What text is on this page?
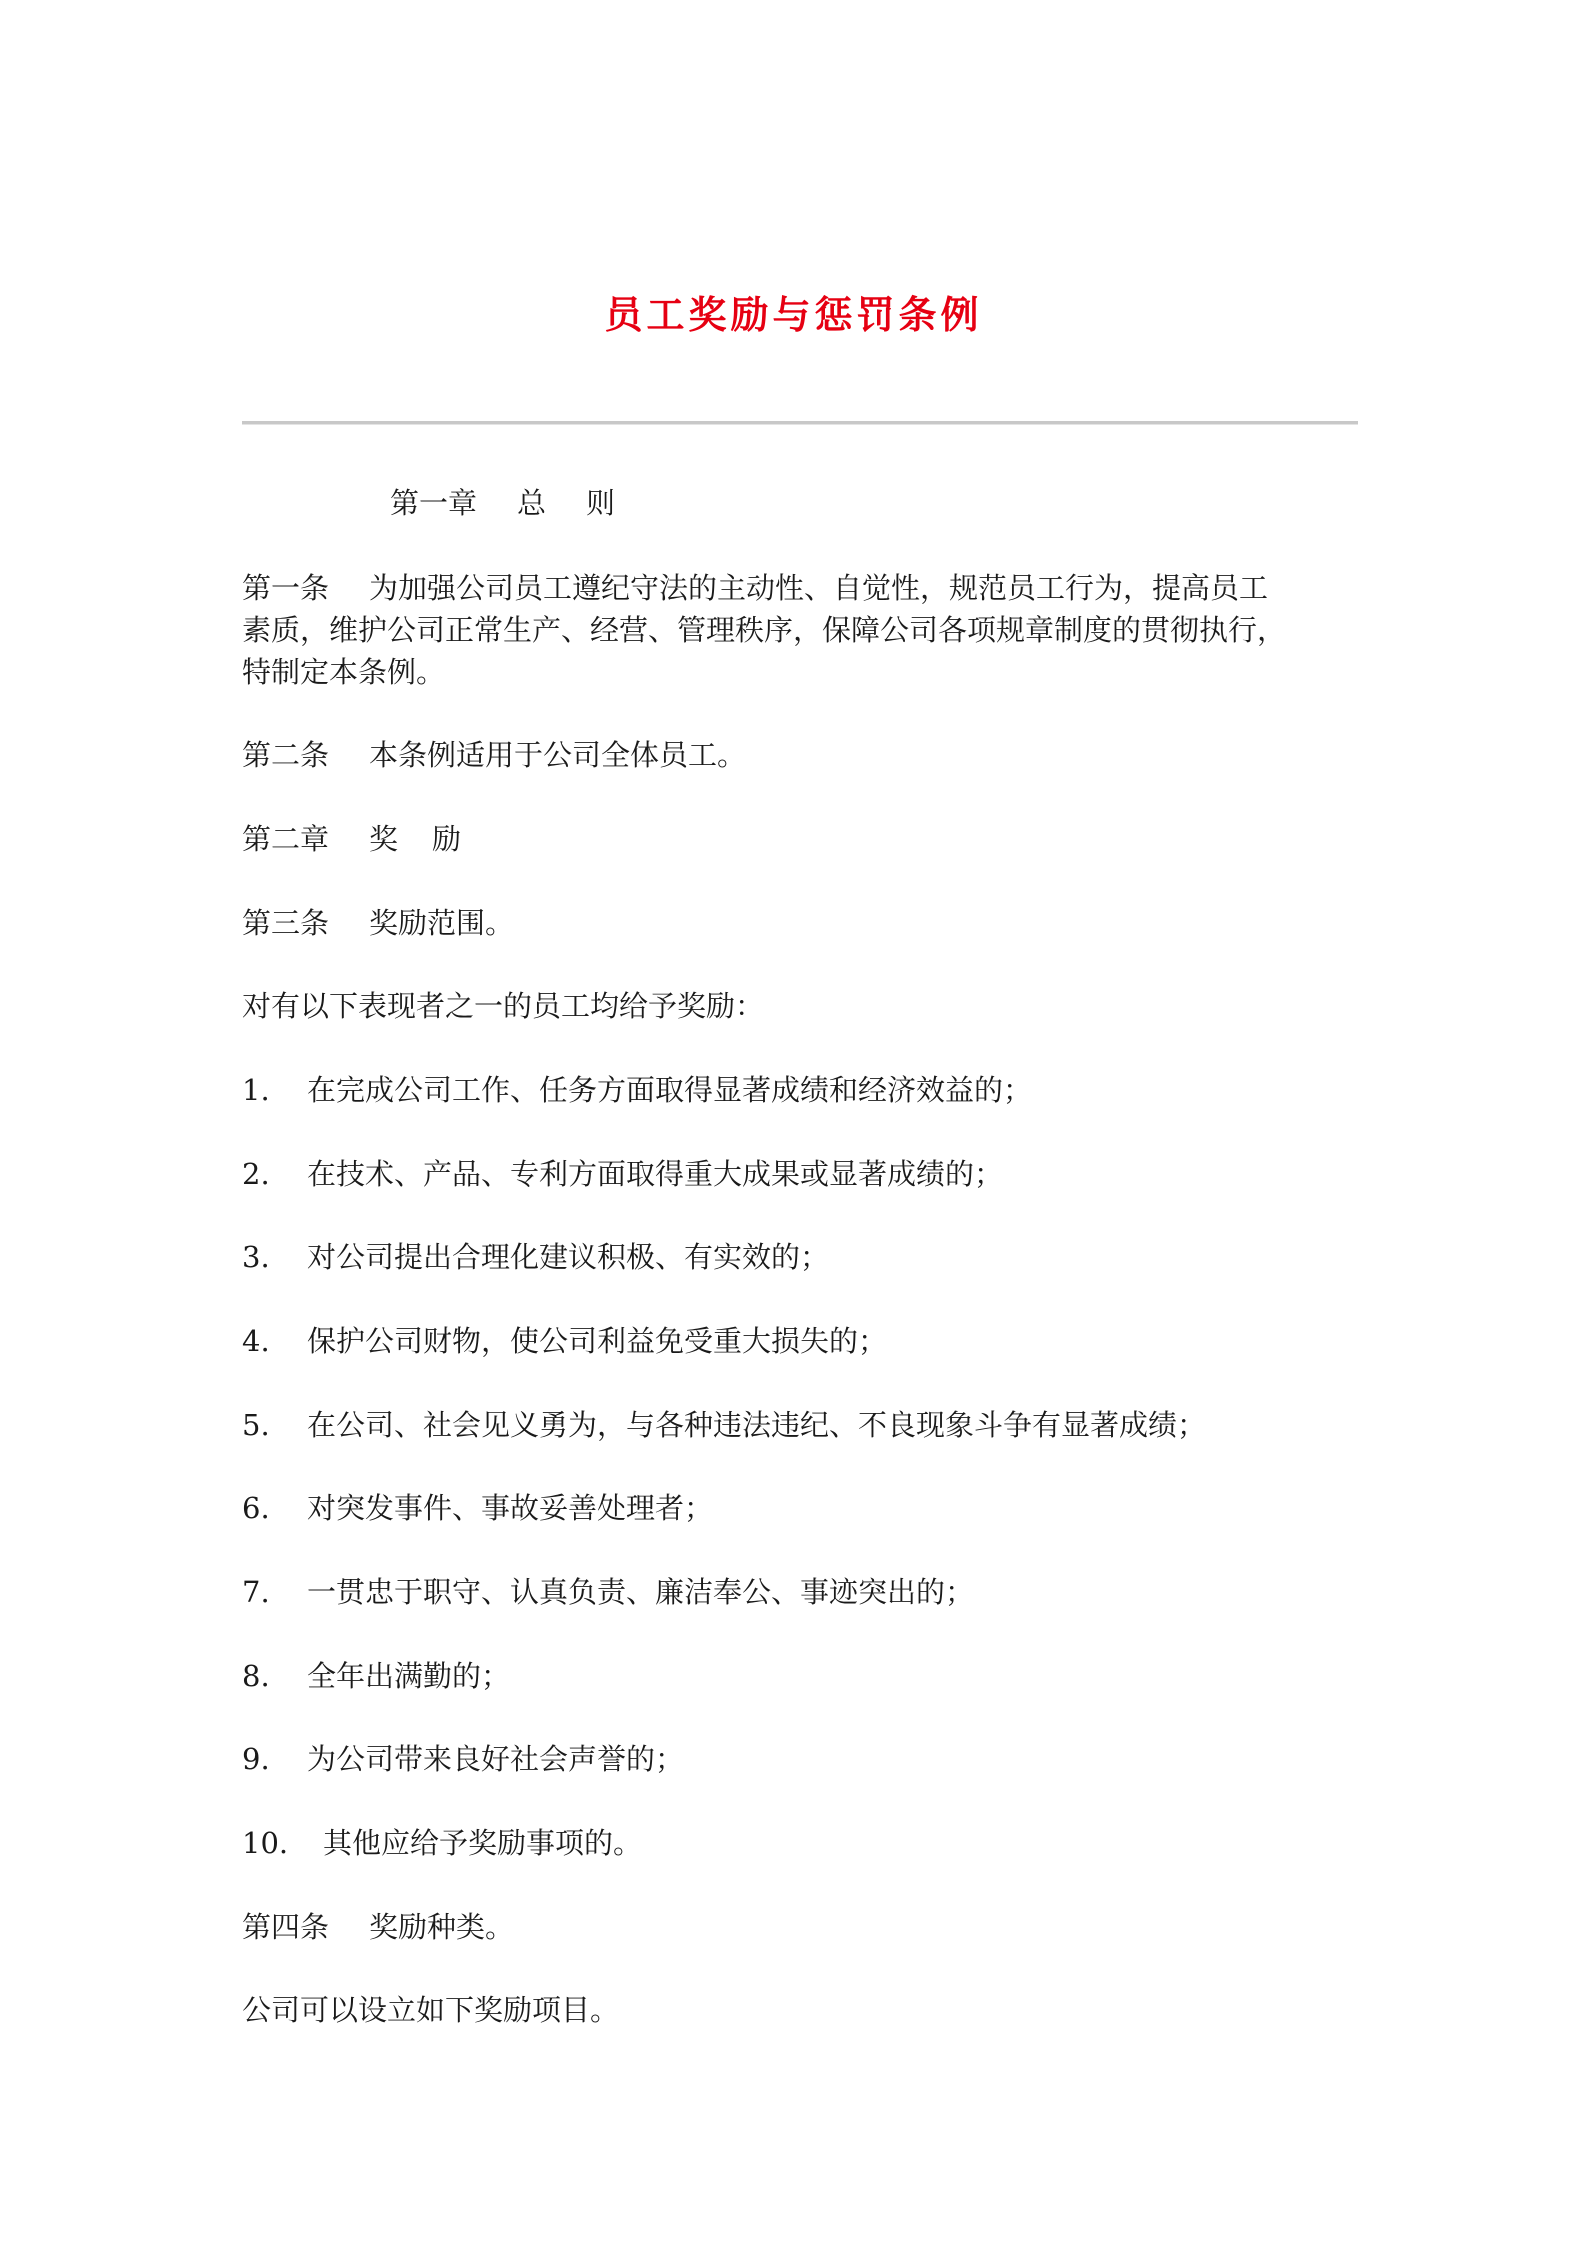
员工奖励与惩罚条例
第一章 总 则
第一条 为加强公司员工遵纪守法的主动性、自觉性，规范员工行为，提高员工
素质，维护公司正常生产、经营、管理秩序，保障公司各项规章制度的贯彻执行，
特制定本条例。
第二条 本条例适用于公司全体员工。
第二章 奖 励
第三条 奖励范围。
对有以下表现者之一的员工均给予奖励：
1. 在完成公司工作、任务方面取得显著成绩和经济效益的；
2. 在技术、产品、专利方面取得重大成果或显著成绩的；
3. 对公司提出合理化建议积极、有实效的；
4. 保护公司财物，使公司利益免受重大损失的；
5. 在公司、社会见义勇为，与各种违法违纪、不良现象斗争有显著成绩；
6. 对突发事件、事故妥善处理者；
7. 一贯忠于职守、认真负责、廉洁奉公、事迹突出的；
8. 全年出满勤的；
9. 为公司带来良好社会声誉的；
10. 其他应给予奖励事项的。
第四条 奖励种类。
公司可以设立如下奖励项目。
